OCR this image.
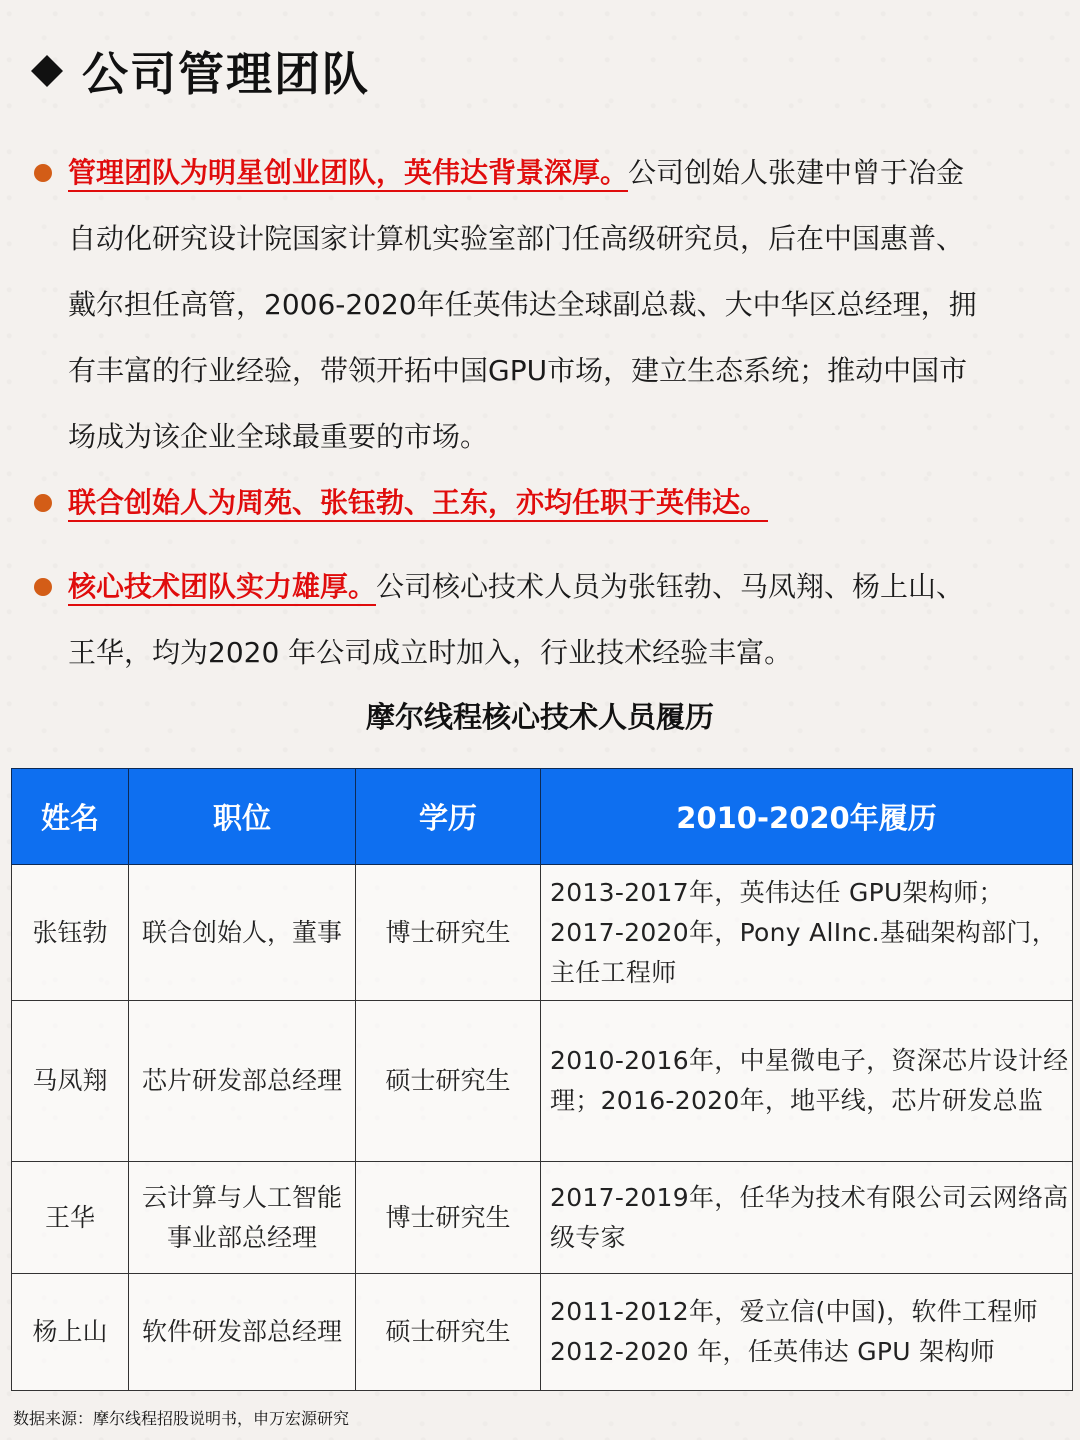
公司管理团队
管理团队为明星创业团队，英伟达背景深厚。公司创始人张建中曾于冶金
自动化研究设计院国家计算机实验室部门任高级研究员，后在中国惠普、
戴尔担任高管，2006-2020年任英伟达全球副总裁、大中华区总经理，拥
有丰富的行业经验，带领开拓中国GPU市场，建立生态系统；推动中国市
场成为该企业全球最重要的市场。
联合创始人为周苑、张钰勃、王东，亦均任职于英伟达。
核心技术团队实力雄厚。公司核心技术人员为张钰勃、马凤翔、杨上山、
王华，均为2020 年公司成立时加入，行业技术经验丰富。
摩尔线程核心技术人员履历
姓名	职位	学历	2010-2020年履历
张钰勃	联合创始人，董事	博士研究生	2013-2017年，英伟达任 GPU架构师；
2017-2020年，Pony AlInc.基础架构部门，
主任工程师

马凤翔	芯片研发部总经理	硕士研究生	2010-2016年，中星微电子，资深芯片设计经
理；2016-2020年，地平线，芯片研发总监

王华	云计算与人工智能
事业部总经理	博士研究生	2017-2019年，任华为技术有限公司云网络高
级专家

杨上山	软件研发部总经理	硕士研究生	2011-2012年，爱立信(中国)，软件工程师
2012-2020 年，任英伟达 GPU 架构师
数据来源：摩尔线程招股说明书，申万宏源研究
